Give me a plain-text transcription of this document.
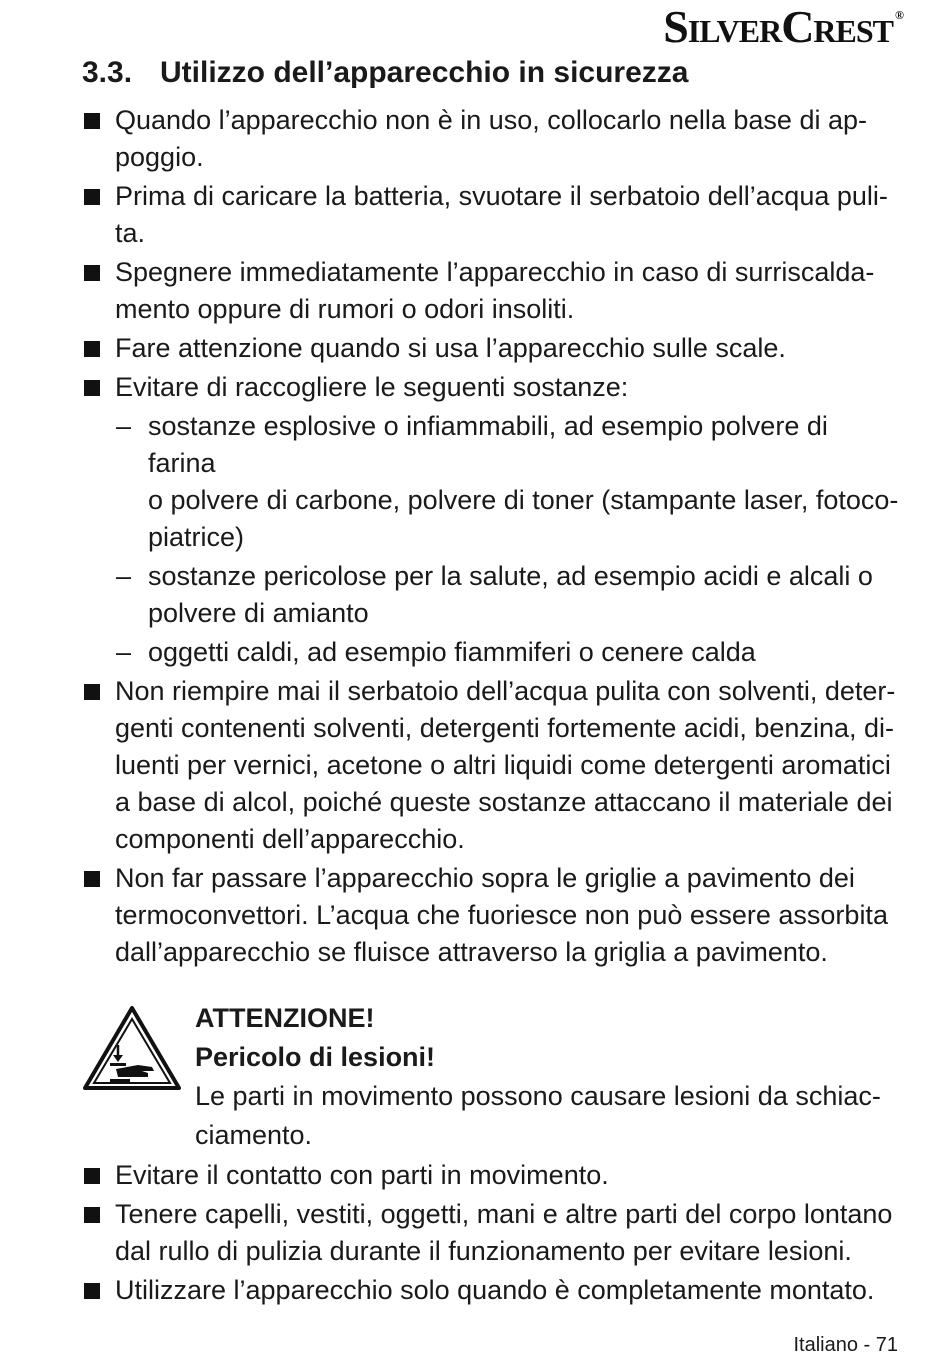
SilverCrest ®
3.3. Utilizzo dell’apparecchio in sicurezza
Quando l’apparecchio non è in uso, collocarlo nella base di ap-
poggio.
Prima di caricare la batteria, svuotare il serbatoio dell’acqua puli-
ta.
Spegnere immediatamente l’apparecchio in caso di surriscalda-
mento oppure di rumori o odori insoliti.
Fare attenzione quando si usa l’apparecchio sulle scale.
Evitare di raccogliere le seguenti sostanze:
– sostanze esplosive o infiammabili, ad esempio polvere di farina
o polvere di carbone, polvere di toner (stampante laser, fotoco-
piatrice)
– sostanze pericolose per la salute, ad esempio acidi e alcali o
polvere di amianto
– oggetti caldi, ad esempio fiammiferi o cenere calda
Non riempire mai il serbatoio dell’acqua pulita con solventi, deter-
genti contenenti solventi, detergenti fortemente acidi, benzina, di-
luenti per vernici, acetone o altri liquidi come detergenti aromatici
a base di alcol, poiché queste sostanze attaccano il materiale dei
componenti dell’apparecchio.
Non far passare l’apparecchio sopra le griglie a pavimento dei
termoconvettori. L’acqua che fuoriesce non può essere assorbita
dall’apparecchio se fluisce attraverso la griglia a pavimento.
ATTENZIONE!
Pericolo di lesioni!
Le parti in movimento possono causare lesioni da schiac-
ciamento.
Evitare il contatto con parti in movimento.
Tenere capelli, vestiti, oggetti, mani e altre parti del corpo lontano
dal rullo di pulizia durante il funzionamento per evitare lesioni.
Utilizzare l’apparecchio solo quando è completamente montato.
Italiano - 71
